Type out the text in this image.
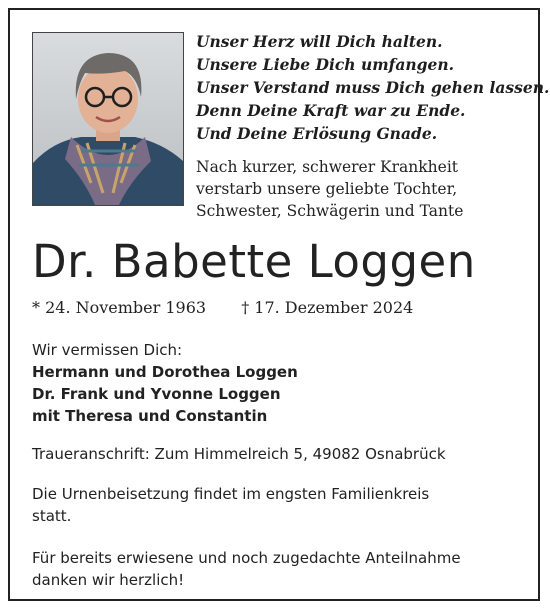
Unser Herz will Dich halten.
Unsere Liebe Dich umfangen.
Unser Verstand muss Dich gehen lassen.
Denn Deine Kraft war zu Ende.
Und Deine Erlösung Gnade.
Nach kurzer, schwerer Krankheit
verstarb unsere geliebte Tochter,
Schwester, Schwägerin und Tante
Dr. Babette Loggen
* 24. November 1963 † 17. Dezember 2024
Wir vermissen Dich:
Hermann und Dorothea Loggen
Dr. Frank und Yvonne Loggen
mit Theresa und Constantin
Traueranschrift: Zum Himmelreich 5, 49082 Osnabrück
Die Urnenbeisetzung findet im engsten Familienkreis
statt.
Für bereits erwiesene und noch zugedachte Anteilnahme
danken wir herzlich!
